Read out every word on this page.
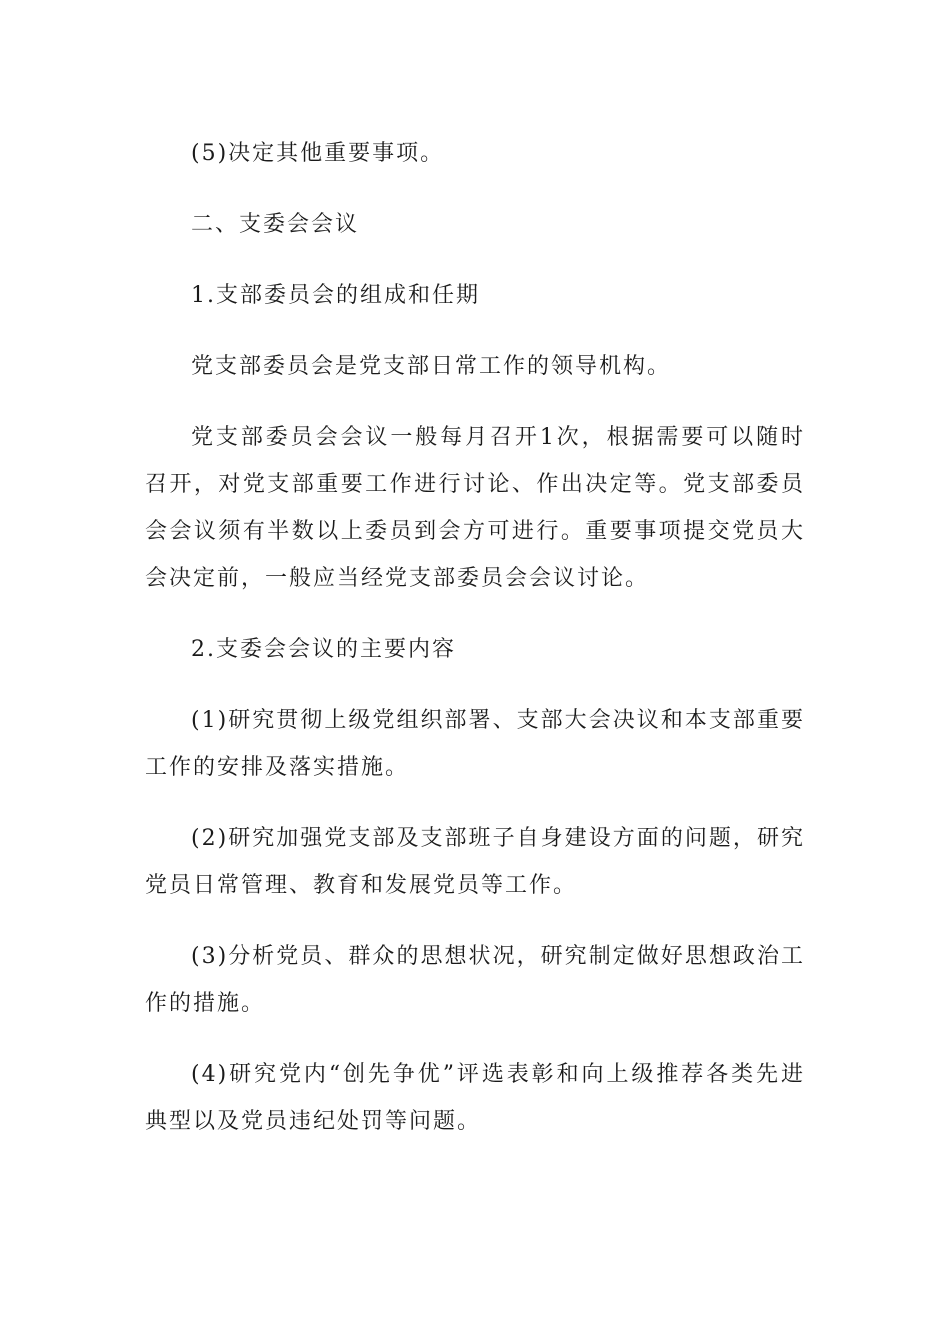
(5)决定其他重要事项。

二、支委会会议

1.支部委员会的组成和任期

党支部委员会是党支部日常工作的领导机构。

党支部委员会会议一般每月召开1次，根据需要可以随时召开，对党支部重要工作进行讨论、作出决定等。党支部委员会会议须有半数以上委员到会方可进行。重要事项提交党员大会决定前，一般应当经党支部委员会会议讨论。

2.支委会会议的主要内容

(1)研究贯彻上级党组织部署、支部大会决议和本支部重要工作的安排及落实措施。

(2)研究加强党支部及支部班子自身建设方面的问题，研究党员日常管理、教育和发展党员等工作。

(3)分析党员、群众的思想状况，研究制定做好思想政治工作的措施。

(4)研究党内“创先争优”评选表彰和向上级推荐各类先进典型以及党员违纪处罚等问题。
